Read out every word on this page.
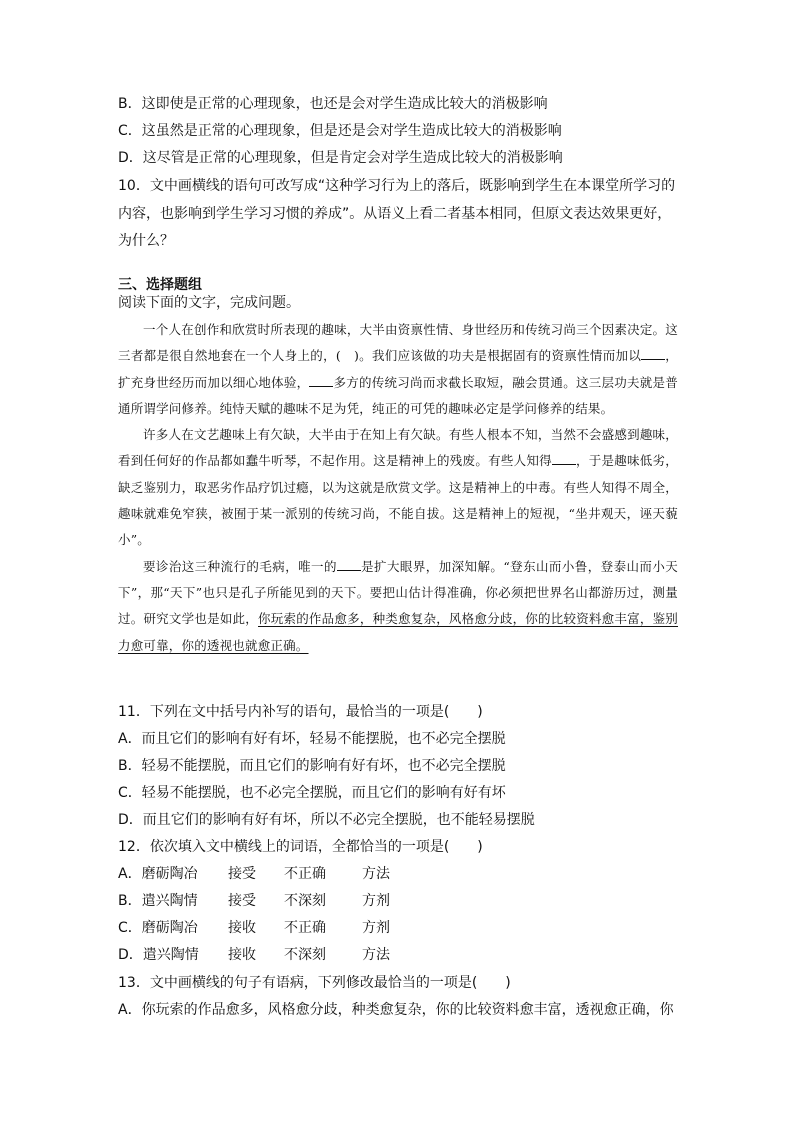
B．这即使是正常的心理现象，也还是会对学生造成比较大的消极影响
C．这虽然是正常的心理现象，但是还是会对学生造成比较大的消极影响
D．这尽管是正常的心理现象，但是肯定会对学生造成比较大的消极影响
10．文中画横线的语句可改写成“这种学习行为上的落后，既影响到学生在本课堂所学习的
内容，也影响到学生学习习惯的养成”。从语义上看二者基本相同，但原文表达效果更好，
为什么？
三、选择题组
阅读下面的文字，完成问题。

一个人在创作和欣赏时所表现的趣味，大半由资禀性情、身世经历和传统习尚三个因素决定。这三者都是很自然地套在一个人身上的，(　)。我们应该做的功夫是根据固有的资禀性情而加以 ，扩充身世经历而加以细心地体验， 多方的传统习尚而求截长取短，融会贯通。这三层功夫就是普通所谓学问修养。纯恃天赋的趣味不足为凭，纯正的可凭的趣味必定是学问修养的结果。

许多人在文艺趣味上有欠缺，大半由于在知上有欠缺。有些人根本不知，当然不会盛感到趣味，看到任何好的作品都如蠢牛听琴，不起作用。这是精神上的残废。有些人知得 ，于是趣味低劣，缺乏鉴别力，取恶劣作品疗饥过瘾，以为这就是欣赏文学。这是精神上的中毒。有些人知得不周全，趣味就难免窄狭，被囿于某一派别的传统习尚，不能自拔。这是精神上的短视，“坐井观天，诬天藐小”。

要诊治这三种流行的毛病，唯一的 是扩大眼界，加深知解。“登东山而小鲁，登泰山而小天下”，那“天下”也只是孔子所能见到的天下。要把山估计得准确，你必须把世界名山都游历过，测量过。研究文学也是如此，你玩索的作品愈多，种类愈复杂，风格愈分歧，你的比较资料愈丰富，鉴别力愈可靠，你的透视也就愈正确。

11．下列在文中括号内补写的语句，最恰当的一项是(　　)
A．而且它们的影响有好有坏，轻易不能摆脱，也不必完全摆脱
B．轻易不能摆脱，而且它们的影响有好有坏，也不必完全摆脱
C．轻易不能摆脱，也不必完全摆脱，而且它们的影响有好有坏
D．而且它们的影响有好有坏，所以不必完全摆脱，也不能轻易摆脱
12．依次填入文中横线上的词语，全都恰当的一项是(　　)
A．磨砺陶冶 接受 不正确	方法
B．遣兴陶情 接受 不深刻	方剂
C．磨砺陶冶 接收 不正确	方剂
D．遣兴陶情 接收 不深刻	方法
13．文中画横线的句子有语病，下列修改最恰当的一项是(　　)
A．你玩索的作品愈多，风格愈分歧，种类愈复杂，你的比较资料愈丰富，透视愈正确，你
